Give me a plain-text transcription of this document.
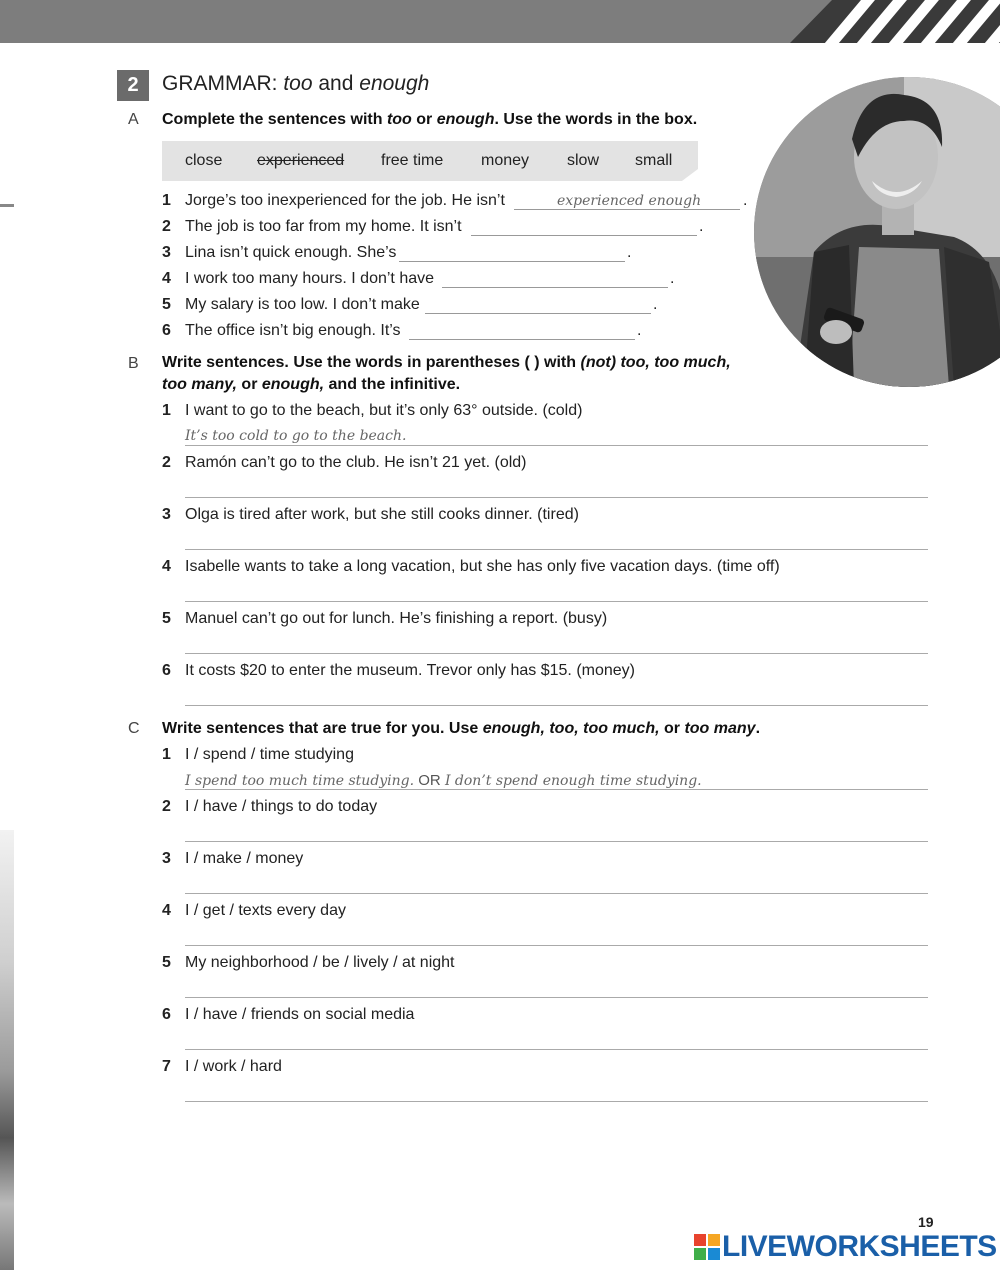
2	GRAMMAR: too and enough
A Complete the sentences with too or enough. Use the words in the box.
close experienced free time money slow small
1 Jorge’s too inexperienced for the job. He isn’t	experienced enough	.
2 The job is too far from my home. It isn’t	.
3 Lina isn’t quick enough. She’s	.
4 I work too many hours. I don’t have	.
5 My salary is too low. I don’t make	.
6 The office isn’t big enough. It’s	.
B Write sentences. Use the words in parentheses ( ) with (not) too, too much,
too many, or enough, and the infinitive.
1 I want to go to the beach, but it’s only 63° outside. (cold)
It’s too cold to go to the beach.
2 Ramón can’t go to the club. He isn’t 21 yet. (old)
3 Olga is tired after work, but she still cooks dinner. (tired)
4 Isabelle wants to take a long vacation, but she has only five vacation days. (time off)
5 Manuel can’t go out for lunch. He’s finishing a report. (busy)
6 It costs $20 to enter the museum. Trevor only has $15. (money)
C Write sentences that are true for you. Use enough, too, too much, or too many.
1 I / spend / time studying
I spend too much time studying. OR I don’t spend enough time studying.
2 I / have / things to do today
3 I / make / money
4 I / get / texts every day
5 My neighborhood / be / lively / at night
6 I / have / friends on social media
7 I / work / hard
19
LIVEWORKSHEETS
